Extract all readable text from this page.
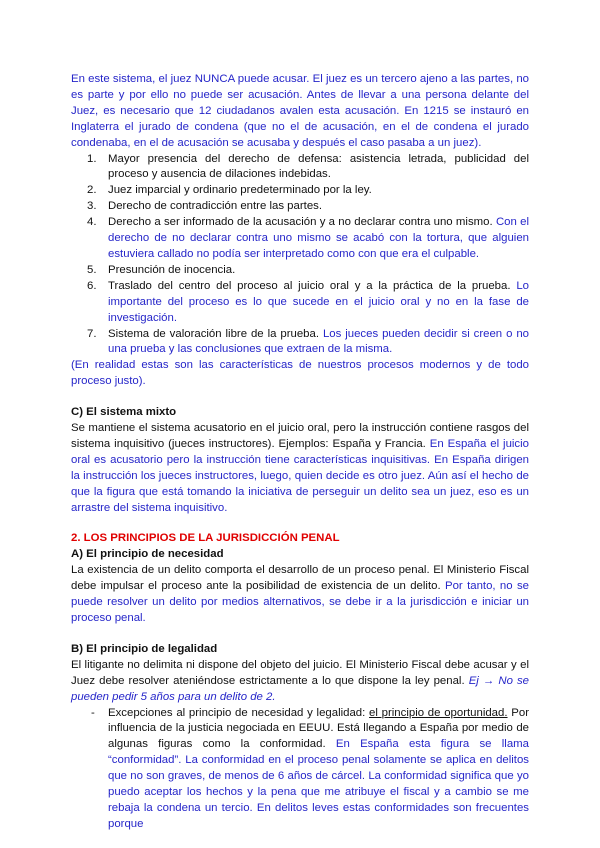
En este sistema, el juez NUNCA puede acusar. El juez es un tercero ajeno a las partes, no es parte y por ello no puede ser acusación. Antes de llevar a una persona delante del Juez, es necesario que 12 ciudadanos avalen esta acusación. En 1215 se instauró en Inglaterra el jurado de condena (que no el de acusación, en el de condena el jurado condenaba, en el de acusación se acusaba y después el caso pasaba a un juez).

1. Mayor presencia del derecho de defensa: asistencia letrada, publicidad del proceso y ausencia de dilaciones indebidas.
2. Juez imparcial y ordinario predeterminado por la ley.
3. Derecho de contradicción entre las partes.
4. Derecho a ser informado de la acusación y a no declarar contra uno mismo. Con el derecho de no declarar contra uno mismo se acabó con la tortura, que alguien estuviera callado no podía ser interpretado como con que era el culpable.
5. Presunción de inocencia.
6. Traslado del centro del proceso al juicio oral y a la práctica de la prueba. Lo importante del proceso es lo que sucede en el juicio oral y no en la fase de investigación.
7. Sistema de valoración libre de la prueba. Los jueces pueden decidir si creen o no una prueba y las conclusiones que extraen de la misma.

(En realidad estas son las características de nuestros procesos modernos y de todo proceso justo).

C) El sistema mixto

Se mantiene el sistema acusatorio en el juicio oral, pero la instrucción contiene rasgos del sistema inquisitivo (jueces instructores). Ejemplos: España y Francia. En España el juicio oral es acusatorio pero la instrucción tiene características inquisitivas. En España dirigen la instrucción los jueces instructores, luego, quien decide es otro juez. Aún así el hecho de que la figura que está tomando la iniciativa de perseguir un delito sea un juez, eso es un arrastre del sistema inquisitivo.

2. LOS PRINCIPIOS DE LA JURISDICCIÓN PENAL

A) El principio de necesidad

La existencia de un delito comporta el desarrollo de un proceso penal. El Ministerio Fiscal debe impulsar el proceso ante la posibilidad de existencia de un delito. Por tanto, no se puede resolver un delito por medios alternativos, se debe ir a la jurisdicción e iniciar un proceso penal.

B) El principio de legalidad

El litigante no delimita ni dispone del objeto del juicio. El Ministerio Fiscal debe acusar y el Juez debe resolver ateniéndose estrictamente a lo que dispone la ley penal. Ej → No se pueden pedir 5 años para un delito de 2.

- Excepciones al principio de necesidad y legalidad: el principio de oportunidad. Por influencia de la justicia negociada en EEUU. Está llegando a España por medio de algunas figuras como la conformidad. En España esta figura se llama “conformidad”. La conformidad en el proceso penal solamente se aplica en delitos que no son graves, de menos de 6 años de cárcel. La conformidad significa que yo puedo aceptar los hechos y la pena que me atribuye el fiscal y a cambio se me rebaja la condena un tercio. En delitos leves estas conformidades son frecuentes porque
